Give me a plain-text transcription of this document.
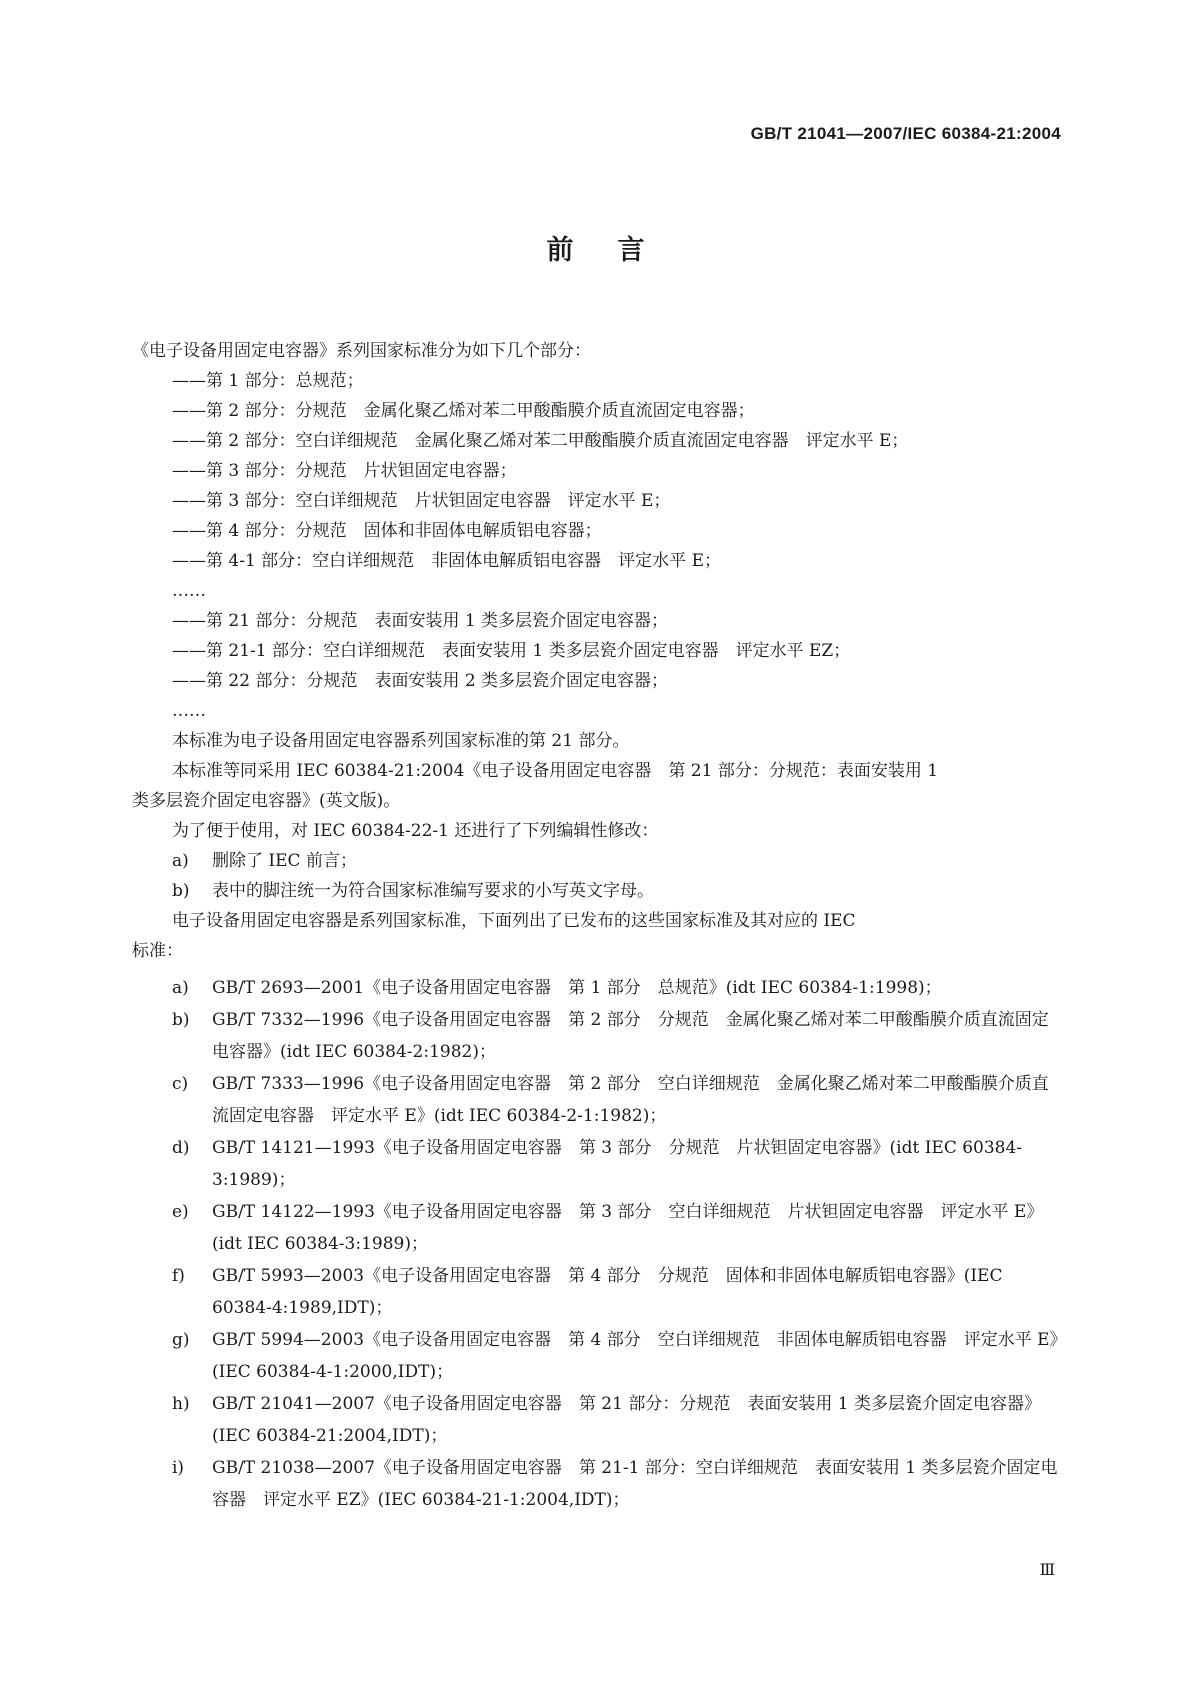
GB/T 21041—2007/IEC 60384-21:2004
前言
《电子设备用固定电容器》系列国家标准分为如下几个部分：
——第 1 部分：总规范；
——第 2 部分：分规范　金属化聚乙烯对苯二甲酸酯膜介质直流固定电容器；
——第 2 部分：空白详细规范　金属化聚乙烯对苯二甲酸酯膜介质直流固定电容器　评定水平 E；
——第 3 部分：分规范　片状钽固定电容器；
——第 3 部分：空白详细规范　片状钽固定电容器　评定水平 E；
——第 4 部分：分规范　固体和非固体电解质铝电容器；
——第 4-1 部分：空白详细规范　非固体电解质铝电容器　评定水平 E；
……
——第 21 部分：分规范　表面安装用 1 类多层瓷介固定电容器；
——第 21-1 部分：空白详细规范　表面安装用 1 类多层瓷介固定电容器　评定水平 EZ；
——第 22 部分：分规范　表面安装用 2 类多层瓷介固定电容器；
……
本标准为电子设备用固定电容器系列国家标准的第 21 部分。
本标准等同采用 IEC 60384-21:2004《电子设备用固定电容器　第 21 部分：分规范：表面安装用 1
类多层瓷介固定电容器》(英文版)。
为了便于使用，对 IEC 60384-22-1 还进行了下列编辑性修改：
a) 删除了 IEC 前言；
b) 表中的脚注统一为符合国家标准编写要求的小写英文字母。
电子设备用固定电容器是系列国家标准，下面列出了已发布的这些国家标准及其对应的 IEC
标准：
a) GB/T 2693—2001《电子设备用固定电容器　第 1 部分　总规范》(idt IEC 60384-1:1998)；
b) GB/T 7332—1996《电子设备用固定电容器　第 2 部分　分规范　金属化聚乙烯对苯二甲酸酯膜介质直流固定电容器》(idt IEC 60384-2:1982)；
c) GB/T 7333—1996《电子设备用固定电容器　第 2 部分　空白详细规范　金属化聚乙烯对苯二甲酸酯膜介质直流固定电容器　评定水平 E》(idt IEC 60384-2-1:1982)；
d) GB/T 14121—1993《电子设备用固定电容器　第 3 部分　分规范　片状钽固定电容器》(idt IEC 60384-3:1989)；
e) GB/T 14122—1993《电子设备用固定电容器　第 3 部分　空白详细规范　片状钽固定电容器　评定水平 E》(idt IEC 60384-3:1989)；
f) GB/T 5993—2003《电子设备用固定电容器　第 4 部分　分规范　固体和非固体电解质铝电容器》(IEC 60384-4:1989,IDT)；
g) GB/T 5994—2003《电子设备用固定电容器　第 4 部分　空白详细规范　非固体电解质铝电容器　评定水平 E》(IEC 60384-4-1:2000,IDT)；
h) GB/T 21041—2007《电子设备用固定电容器　第 21 部分：分规范　表面安装用 1 类多层瓷介固定电容器》(IEC 60384-21:2004,IDT)；
i) GB/T 21038—2007《电子设备用固定电容器　第 21-1 部分：空白详细规范　表面安装用 1 类多层瓷介固定电容器　评定水平 EZ》(IEC 60384-21-1:2004,IDT)；
Ⅲ
